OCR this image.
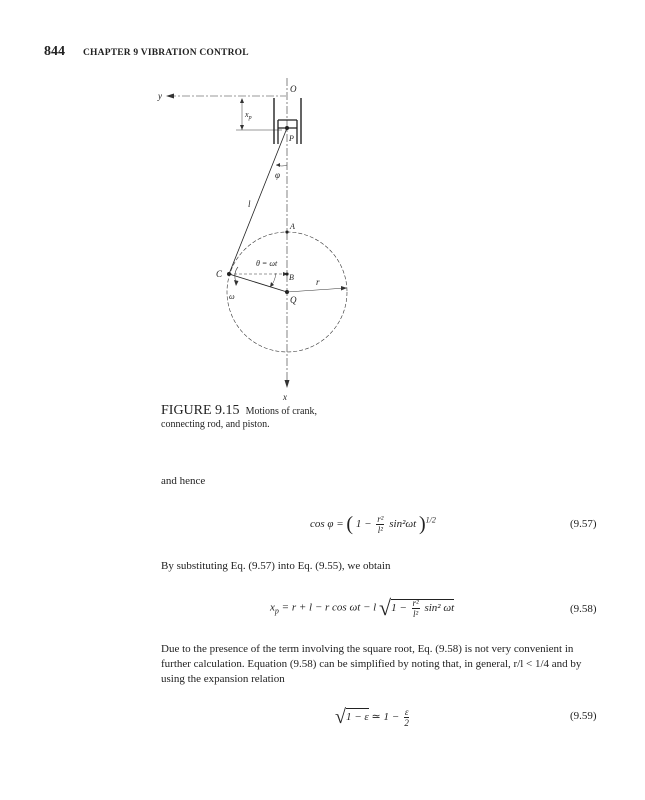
844 CHAPTER 9 VIBRATION CONTROL
y
x
O
$x_p$
P
φ
l
A
B
C
Q
r
θ = ωt
ω
FIGURE 9.15 Motions of crank, connecting rod, and piston.
and hence
cos φ = ( $1 - \frac{\text{r²}}{\text{l²}} \sin^2\omega t$ )$^{1/2}$	(9.57)
By substituting Eq. (9.57) into Eq. (9.55), we obtain
$x_p = r + l - r$ cos ωt − l $√1 - \frac{\text{r²}}{\text{l²}} \sin^2$ ωt	(9.58)
Due to the presence of the term involving the square root, Eq. (9.58) is not very convenient in further calculation. Equation (9.58) can be simplified by noting that, in general, r/l < 1/4 and by using the expansion relation
√1 − ε ≃ $1 - \frac{\varepsilon}{2}$	(9.59)
